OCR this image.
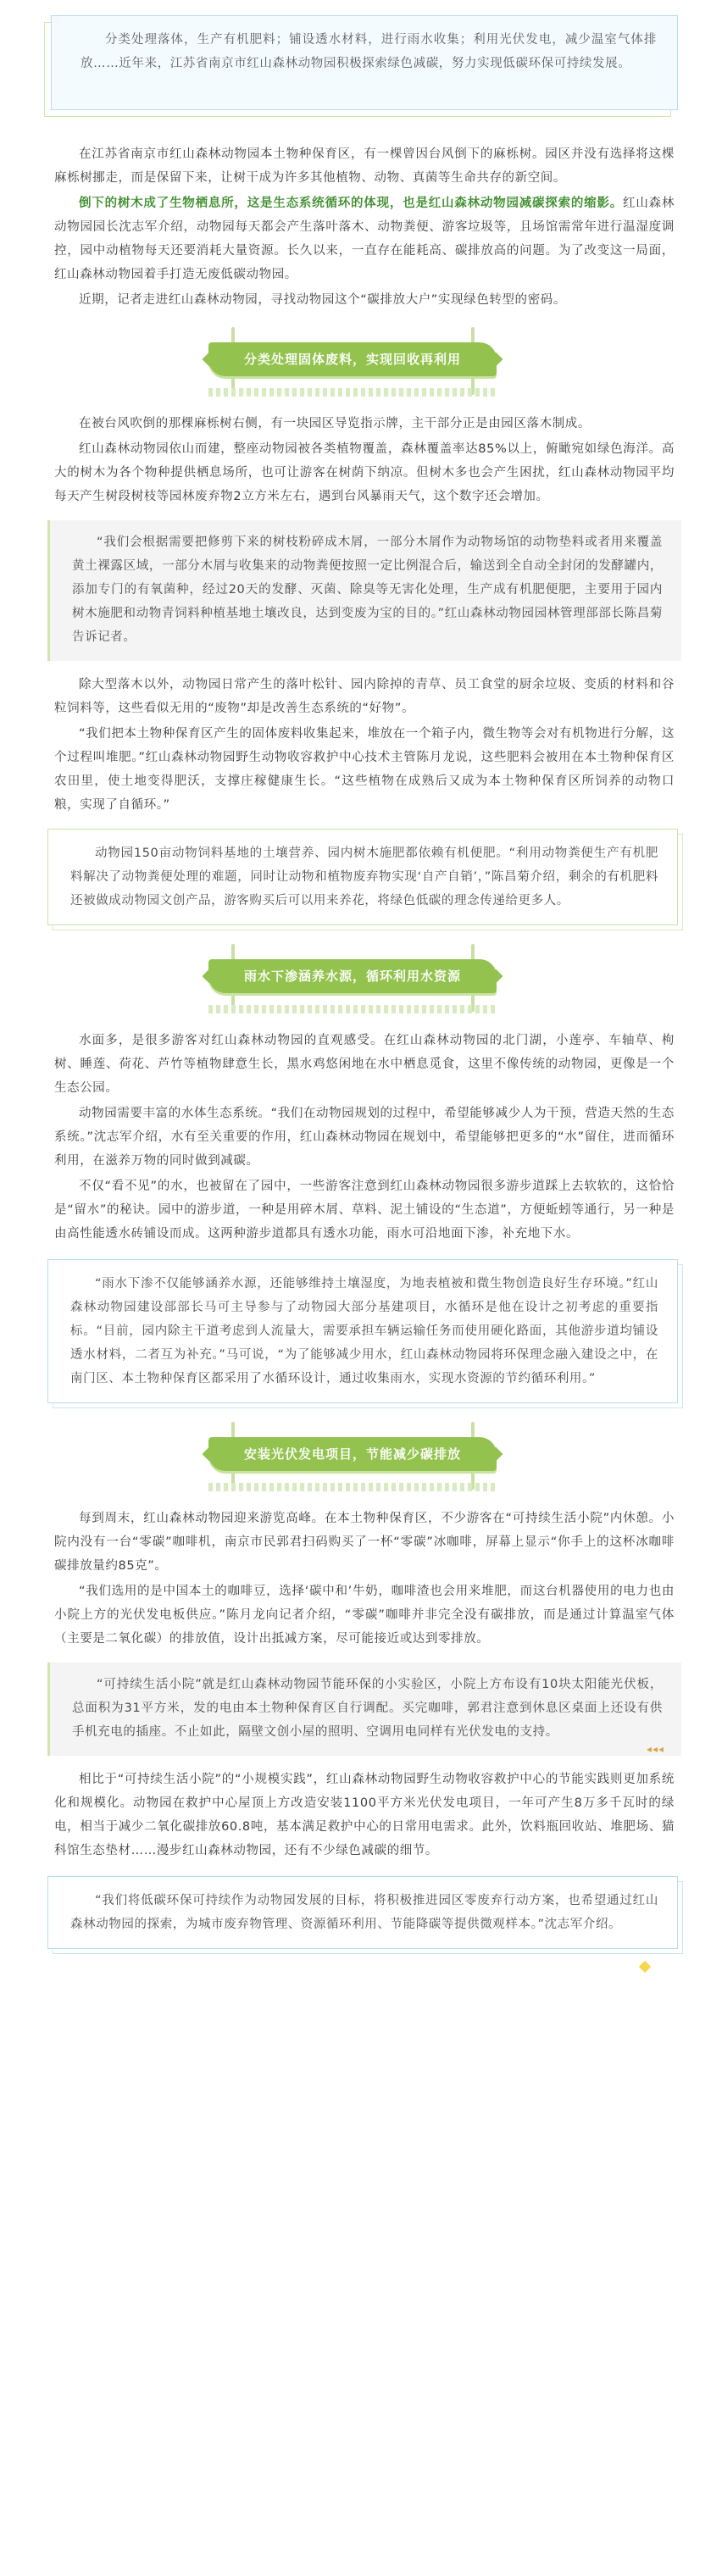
分类处理落体，生产有机肥料；铺设透水材料，进行雨水收集；利用光伏发电，减少温室气体排放……近年来，江苏省南京市红山森林动物园积极探索绿色减碳，努力实现低碳环保可持续发展。

在江苏省南京市红山森林动物园本土物种保育区，有一棵曾因台风倒下的麻栎树。园区并没有选择将这棵麻栎树挪走，而是保留下来，让树干成为许多其他植物、动物、真菌等生命共存的新空间。

倒下的树木成了生物栖息所，这是生态系统循环的体现，也是红山森林动物园减碳探索的缩影。红山森林动物园园长沈志军介绍，动物园每天都会产生落叶落木、动物粪便、游客垃圾等，且场馆需常年进行温湿度调控，园中动植物每天还要消耗大量资源。长久以来，一直存在能耗高、碳排放高的问题。为了改变这一局面，红山森林动物园着手打造无废低碳动物园。

近期，记者走进红山森林动物园，寻找动物园这个“碳排放大户”实现绿色转型的密码。

分类处理固体废料，实现回收再利用

在被台风吹倒的那棵麻栎树右侧，有一块园区导览指示牌，主干部分正是由园区落木制成。

红山森林动物园依山而建，整座动物园被各类植物覆盖，森林覆盖率达85%以上，俯瞰宛如绿色海洋。高大的树木为各个物种提供栖息场所，也可让游客在树荫下纳凉。但树木多也会产生困扰，红山森林动物园平均每天产生树段树枝等园林废弃物2立方米左右，遇到台风暴雨天气，这个数字还会增加。

“我们会根据需要把修剪下来的树枝粉碎成木屑，一部分木屑作为动物场馆的动物垫料或者用来覆盖黄土裸露区域，一部分木屑与收集来的动物粪便按照一定比例混合后，输送到全自动全封闭的发酵罐内，添加专门的有氧菌种，经过20天的发酵、灭菌、除臭等无害化处理，生产成有机肥便肥，主要用于园内树木施肥和动物青饲料种植基地土壤改良，达到变废为宝的目的。”红山森林动物园园林管理部部长陈昌菊告诉记者。

除大型落木以外，动物园日常产生的落叶松针、园内除掉的青草、员工食堂的厨余垃圾、变质的材料和谷粒饲料等，这些看似无用的“废物”却是改善生态系统的“好物”。

“我们把本土物种保育区产生的固体废料收集起来，堆放在一个箱子内，微生物等会对有机物进行分解，这个过程叫堆肥。”红山森林动物园野生动物收容救护中心技术主管陈月龙说，这些肥料会被用在本土物种保育区农田里，使土地变得肥沃，支撑庄稼健康生长。“这些植物在成熟后又成为本土物种保育区所饲养的动物口粮，实现了自循环。”

动物园150亩动物饲料基地的土壤营养、园内树木施肥都依赖有机便肥。“利用动物粪便生产有机肥料解决了动物粪便处理的难题，同时让动物和植物废弃物实现‘自产自销’，”陈昌菊介绍，剩余的有机肥料还被做成动物园文创产品，游客购买后可以用来养花，将绿色低碳的理念传递给更多人。

雨水下渗涵养水源，循环利用水资源

水面多，是很多游客对红山森林动物园的直观感受。在红山森林动物园的北门湖，小莲亭、车轴草、枸树、睡莲、荷花、芦竹等植物肆意生长，黑水鸡悠闲地在水中栖息觅食，这里不像传统的动物园，更像是一个生态公园。

动物园需要丰富的水体生态系统。“我们在动物园规划的过程中，希望能够减少人为干预，营造天然的生态系统。”沈志军介绍，水有至关重要的作用，红山森林动物园在规划中，希望能够把更多的“水”留住，进而循环利用，在滋养万物的同时做到减碳。

不仅“看不见”的水，也被留在了园中，一些游客注意到红山森林动物园很多游步道踩上去软软的，这恰恰是“留水”的秘诀。园中的游步道，一种是用碎木屑、草料、泥土铺设的“生态道”，方便蚯蚓等通行，另一种是由高性能透水砖铺设而成。这两种游步道都具有透水功能，雨水可沿地面下渗，补充地下水。

“雨水下渗不仅能够涵养水源，还能够维持土壤湿度，为地表植被和微生物创造良好生存环境。”红山森林动物园建设部部长马可主导参与了动物园大部分基建项目，水循环是他在设计之初考虑的重要指标。“目前，园内除主干道考虑到人流量大，需要承担车辆运输任务而使用硬化路面，其他游步道均铺设透水材料，二者互为补充。”马可说，“为了能够减少用水，红山森林动物园将环保理念融入建设之中，在南门区、本土物种保育区都采用了水循环设计，通过收集雨水，实现水资源的节约循环利用。”

安装光伏发电项目，节能减少碳排放

每到周末，红山森林动物园迎来游览高峰。在本土物种保育区，不少游客在“可持续生活小院”内休憩。小院内没有一台“零碳”咖啡机，南京市民郭君扫码购买了一杯“零碳”冰咖啡，屏幕上显示“你手上的这杯冰咖啡碳排放量约85克”。

“我们选用的是中国本土的咖啡豆，选择‘碳中和’牛奶，咖啡渣也会用来堆肥，而这台机器使用的电力也由小院上方的光伏发电板供应。”陈月龙向记者介绍，“零碳”咖啡并非完全没有碳排放，而是通过计算温室气体（主要是二氧化碳）的排放值，设计出抵减方案，尽可能接近或达到零排放。

“可持续生活小院”就是红山森林动物园节能环保的小实验区，小院上方布设有10块太阳能光伏板，总面积为31平方米，发的电由本土物种保育区自行调配。买完咖啡，郭君注意到休息区桌面上还设有供手机充电的插座。不止如此，隔壁文创小屋的照明、空调用电同样有光伏发电的支持。

◂◂◂

相比于“可持续生活小院”的“小规模实践”，红山森林动物园野生动物收容救护中心的节能实践则更加系统化和规模化。动物园在救护中心屋顶上方改造安装1100平方米光伏发电项目，一年可产生8万多千瓦时的绿电，相当于减少二氧化碳排放60.8吨，基本满足救护中心的日常用电需求。此外，饮料瓶回收站、堆肥场、猫科馆生态垫材……漫步红山森林动物园，还有不少绿色减碳的细节。

“我们将低碳环保可持续作为动物园发展的目标，将积极推进园区零废弃行动方案，也希望通过红山森林动物园的探索，为城市废弃物管理、资源循环利用、节能降碳等提供微观样本。”沈志军介绍。
